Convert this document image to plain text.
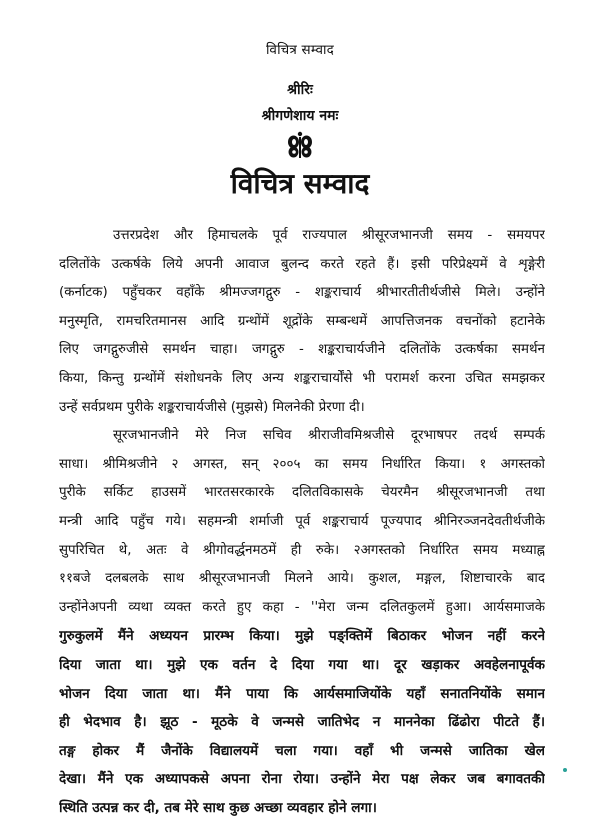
विचित्र सम्वाद
श्रीरिः
श्रीगणेशाय नमः
विचित्र सम्वाद
उत्तरप्रदेश और हिमाचलके पूर्व राज्यपाल श्रीसूरजभानजी समय - समयपर
दलितोंके उत्कर्षके लिये अपनी आवाज बुलन्द करते रहते हैं। इसी परिप्रेक्ष्यमें वे शृङ्गेरी
(कर्नाटक) पहुँचकर वहाँके श्रीमज्जगद्गुरु - शङ्कराचार्य श्रीभारतीतीर्थजीसे मिले। उन्होंने
मनुस्मृति, रामचरितमानस आदि ग्रन्थोंमें शूद्रोंके सम्बन्धमें आपत्तिजनक वचनोंको हटानेके
लिए जगद्गुरुजीसे समर्थन चाहा। जगद्गुरु - शङ्कराचार्यजीने दलितोंके उत्कर्षका समर्थन
किया, किन्तु ग्रन्थोंमें संशोधनके लिए अन्य शङ्कराचार्योंसे भी परामर्श करना उचित समझकर
उन्हें सर्वप्रथम पुरीके शङ्कराचार्यजीसे (मुझसे) मिलनेकी प्रेरणा दी।
सूरजभानजीने मेरे निज सचिव श्रीराजीवमिश्रजीसे दूरभाषपर तदर्थ सम्पर्क
साधा। श्रीमिश्रजीने २ अगस्त, सन् २००५ का समय निर्धारित किया। १ अगस्तको
पुरीके सर्किट हाउसमें भारतसरकारके दलितविकासके चेयरमैन श्रीसूरजभानजी तथा
मन्त्री आदि पहुँच गये। सहमन्त्री शर्माजी पूर्व शङ्कराचार्य पूज्यपाद श्रीनिरञ्जनदेवतीर्थजीके
सुपरिचित थे, अतः वे श्रीगोवर्द्धनमठमें ही रुके। २अगस्तको निर्धारित समय मध्याह्न
११बजे दलबलके साथ श्रीसूरजभानजी मिलने आये। कुशल, मङ्गल, शिष्टाचारके बाद
उन्होंनेअपनी व्यथा व्यक्त करते हुए कहा - ''मेरा जन्म दलितकुलमें हुआ। आर्यसमाजके
गुरुकुलमें मैंने अध्ययन प्रारम्भ किया। मुझे पङ्क्तिमें बिठाकर भोजन नहीं करने
दिया जाता था। मुझे एक वर्तन दे दिया गया था। दूर खड़ाकर अवहेलनापूर्वक
भोजन दिया जाता था। मैंने पाया कि आर्यसमाजियोंके यहाँ सनातनियोंके समान
ही भेदभाव है। झूठ - मूठके वे जन्मसे जातिभेद न माननेका ढिंढोरा पीटते हैं।
तङ्ग होकर मैं जैनोंके विद्यालयमें चला गया। वहाँ भी जन्मसे जातिका खेल
देखा। मैंने एक अध्यापकसे अपना रोना रोया। उन्होंने मेरा पक्ष लेकर जब बगावतकी
स्थिति उत्पन्न कर दी, तब मेरे साथ कुछ अच्छा व्यवहार होने लगा।
